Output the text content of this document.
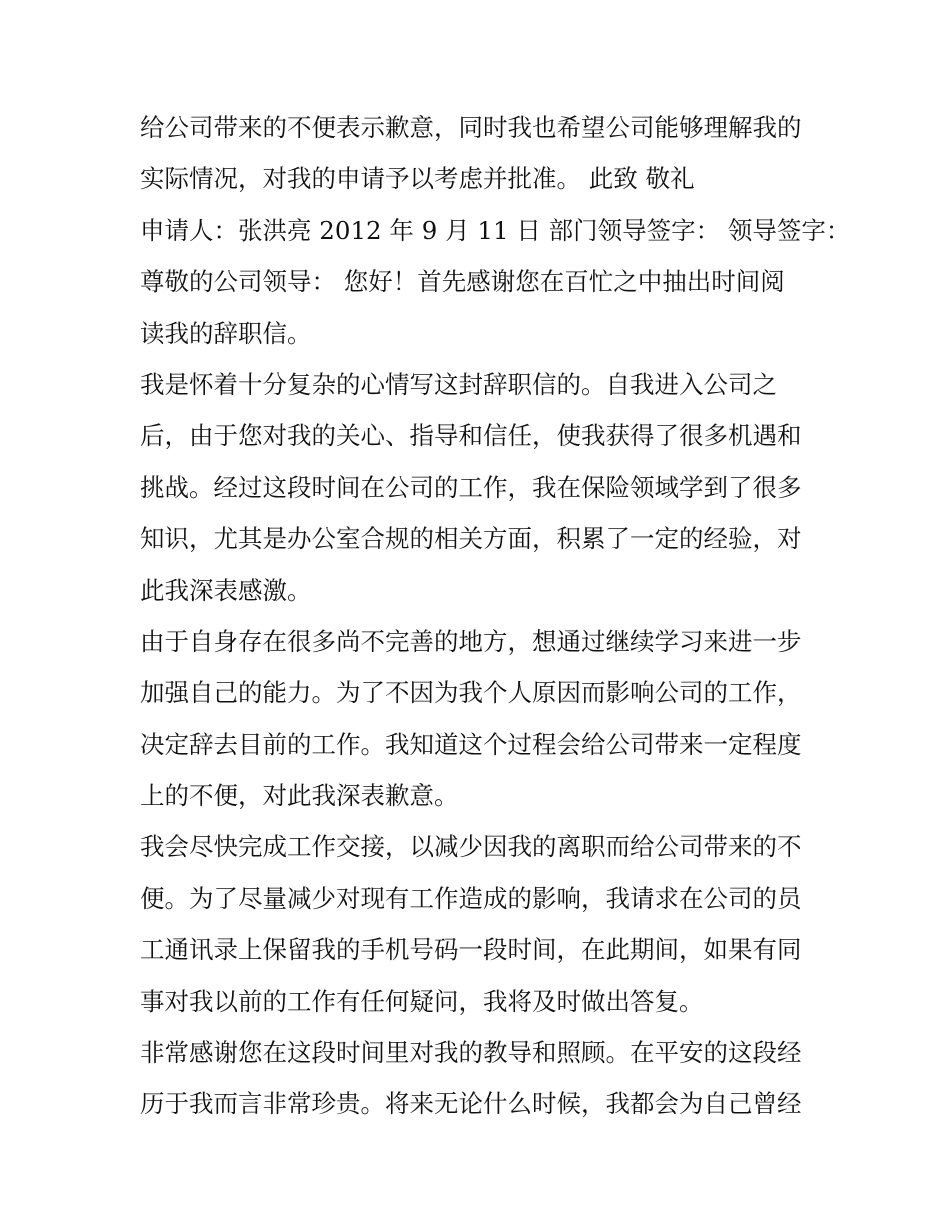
给公司带来的不便表示歉意，同时我也希望公司能够理解我的
实际情况，对我的申请予以考虑并批准。 此致 敬礼
申请人：张洪亮 2012 年 9 月 11 日 部门领导签字： 领导签字：
尊敬的公司领导： 您好！首先感谢您在百忙之中抽出时间阅
读我的辞职信。
我是怀着十分复杂的心情写这封辞职信的。自我进入公司之
后，由于您对我的关心、指导和信任，使我获得了很多机遇和
挑战。经过这段时间在公司的工作，我在保险领域学到了很多
知识，尤其是办公室合规的相关方面，积累了一定的经验，对
此我深表感激。
由于自身存在很多尚不完善的地方，想通过继续学习来进一步
加强自己的能力。为了不因为我个人原因而影响公司的工作，
决定辞去目前的工作。我知道这个过程会给公司带来一定程度
上的不便，对此我深表歉意。
我会尽快完成工作交接，以减少因我的离职而给公司带来的不
便。为了尽量减少对现有工作造成的影响，我请求在公司的员
工通讯录上保留我的手机号码一段时间，在此期间，如果有同
事对我以前的工作有任何疑问，我将及时做出答复。
非常感谢您在这段时间里对我的教导和照顾。在平安的这段经
历于我而言非常珍贵。将来无论什么时候，我都会为自己曾经
